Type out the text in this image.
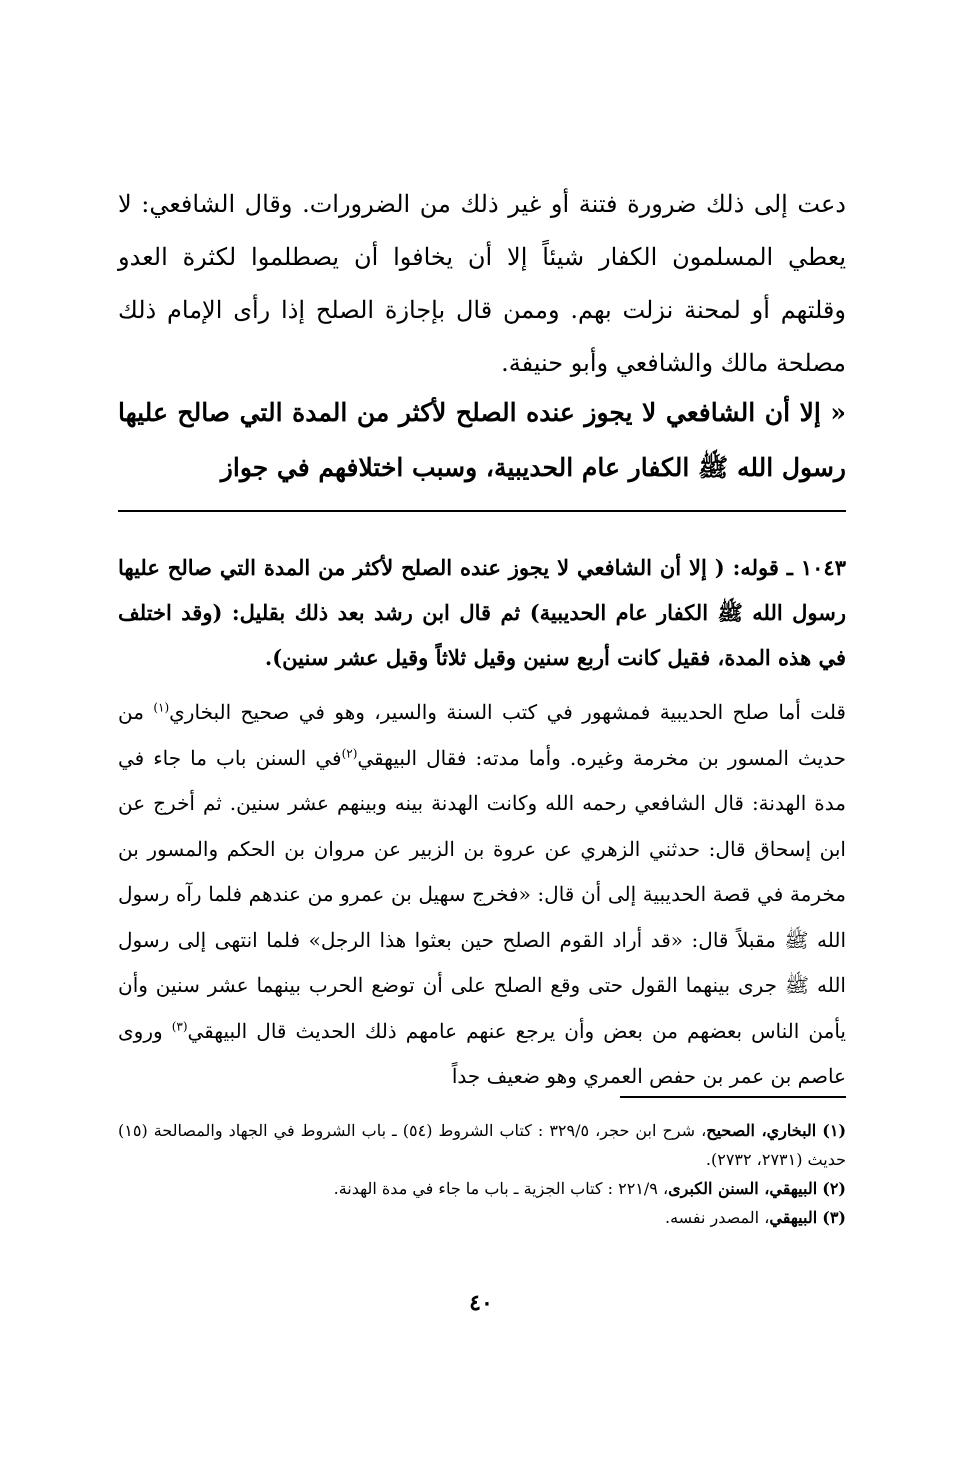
دعت إلى ذلك ضرورة فتنة أو غير ذلك من الضرورات. وقال الشافعي: لا يعطي المسلمون الكفار شيئاً إلا أن يخافوا أن يصطلموا لكثرة العدو وقلتهم أو لمحنة نزلت بهم. وممن قال بإجازة الصلح إذا رأى الإمام ذلك مصلحة مالك والشافعي وأبو حنيفة.

« إلا أن الشافعي لا يجوز عنده الصلح لأكثر من المدة التي صالح عليها رسول الله ﷺ الكفار عام الحديبية، وسبب اختلافهم في جواز

١٠٤٣ ـ قوله: ( إلا أن الشافعي لا يجوز عنده الصلح لأكثر من المدة التي صالح عليها رسول الله ﷺ الكفار عام الحديبية) ثم قال ابن رشد بعد ذلك بقليل: (وقد اختلف في هذه المدة، فقيل كانت أربع سنين وقيل ثلاثاً وقيل عشر سنين).

قلت أما صلح الحديبية فمشهور في كتب السنة والسير، وهو في صحيح البخاري$^{(١)}$ من حديث المسور بن مخرمة وغيره. وأما مدته: فقال البيهقي$^{(٢)}$في السنن باب ما جاء في مدة الهدنة: قال الشافعي رحمه الله وكانت الهدنة بينه وبينهم عشر سنين. ثم أخرج عن ابن إسحاق قال: حدثني الزهري عن عروة بن الزبير عن مروان بن الحكم والمسور بن مخرمة في قصة الحديبية إلى أن قال: «فخرج سهيل بن عمرو من عندهم فلما رآه رسول الله ﷺ مقبلاً قال: «قد أراد القوم الصلح حين بعثوا هذا الرجل» فلما انتهى إلى رسول الله ﷺ جرى بينهما القول حتى وقع الصلح على أن توضع الحرب بينهما عشر سنين وأن يأمن الناس بعضهم من بعض وأن يرجع عنهم عامهم ذلك الحديث قال البيهقي$^{(٣)}$ وروى عاصم بن عمر بن حفص العمري وهو ضعيف جداً

(١) البخاري، الصحيح، شرح ابن حجر، ٣٢٩/٥ : كتاب الشروط (٥٤) ـ باب الشروط في الجهاد والمصالحة (١٥) حديث (٢٧٣١، ٢٧٣٢).

(٢) البيهقي، السنن الكبرى، ٢٢١/٩ : كتاب الجزية ـ باب ما جاء في مدة الهدنة.

(٣) البيهقي، المصدر نفسه.

٤٠
